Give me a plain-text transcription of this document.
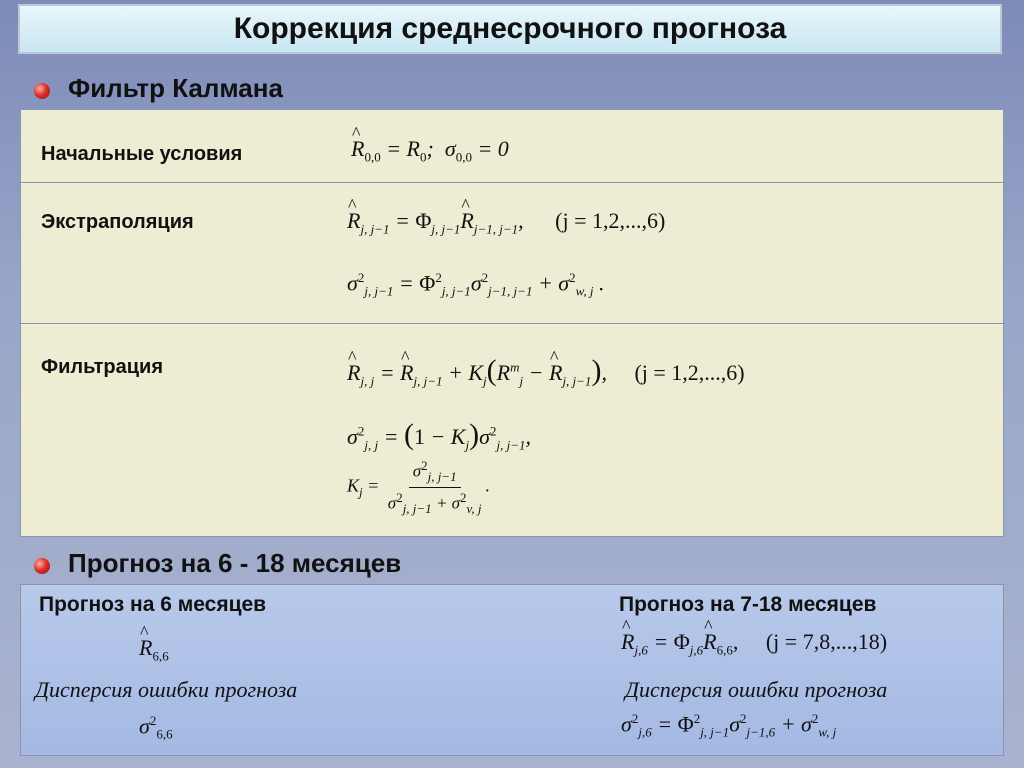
Коррекция среднесрочного прогноза
Фильтр Калмана
Начальные условия	^ $R_{0,0} = R_0$;  $\sigma_{0,0} = 0$
Экстраполяция	^ $R_{j, j-1}$ = $\Phi_{j, j-1}\^{}$ $R_{j-1, j-1}$, (j = 1,2,...,6)
$\sigma^2_{j, j-1} = \Phi^2_{j, j-1}\sigma^2_{j-1, j-1} + \sigma^2_{w, j}$ .
Фильтрация	^ $R_{j, j}$ = ^ $R_{j, j-1} + K_j(R^m_j$ − ^ $R_{j, j-1}$), (j = 1,2,...,6)
$\sigma^2_{j, j} = (1 - K_j)\sigma^2_{j, j-1}$,
$K_j = \frac{\sigma^2_{j, j-1}}{\sigma^2_{j, j-1} + \sigma^2_{v, j}}$ .
Прогноз на 6 - 18 месяцев
Прогноз на 6 месяцев
^ $R_{6,6}$
Дисперсия ошибки прогноза
$\sigma^2_{6,6}$
Прогноз на 7-18 месяцев
^ $R_{j,6}$ = $\Phi_{j,6}\^{}$ $R_{6,6}$, (j = 7,8,...,18)
Дисперсия ошибки прогноза
$\sigma^2_{j,6} = \Phi^2_{j, j-1}\sigma^2_{j-1,6} + \sigma^2_{w, j}$
